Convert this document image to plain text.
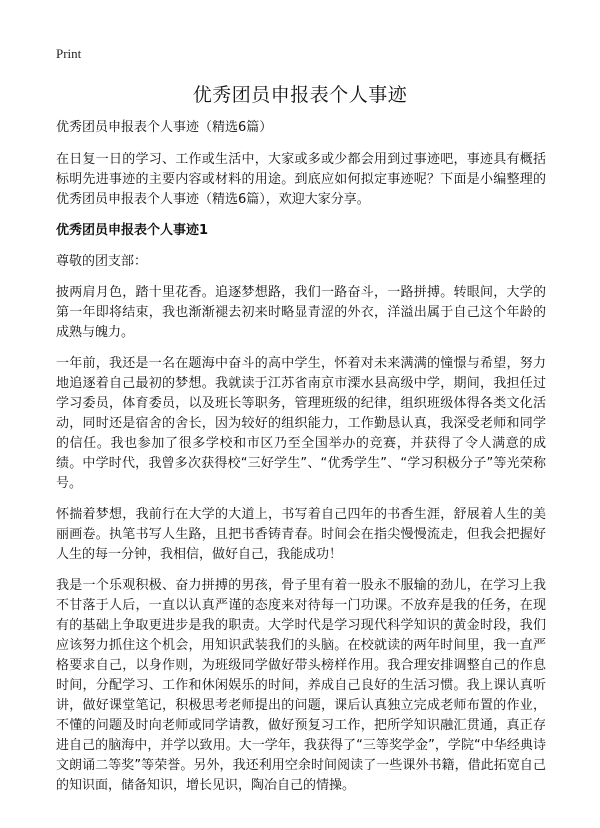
Print
优秀团员申报表个人事迹
优秀团员申报表个人事迹（精选6篇）

在日复一日的学习、工作或生活中，大家或多或少都会用到过事迹吧，事迹具有概括标明先进事迹的主要内容或材料的用途。到底应如何拟定事迹呢？下面是小编整理的优秀团员申报表个人事迹（精选6篇），欢迎大家分享。

优秀团员申报表个人事迹1
尊敬的团支部：

披两肩月色，踏十里花香。追逐梦想路，我们一路奋斗，一路拼搏。转眼间，大学的第一年即将结束，我也渐渐褪去初来时略显青涩的外衣，洋溢出属于自己这个年龄的成熟与魄力。

一年前，我还是一名在题海中奋斗的高中学生，怀着对未来满满的憧憬与希望，努力地追逐着自己最初的梦想。我就读于江苏省南京市溧水县高级中学，期间，我担任过学习委员，体育委员，以及班长等职务，管理班级的纪律，组织班级体得各类文化活动，同时还是宿舍的舍长，因为较好的组织能力，工作勤恳认真，我深受老师和同学的信任。我也参加了很多学校和市区乃至全国举办的竞赛，并获得了令人满意的成绩。中学时代，我曾多次获得校“三好学生”、“优秀学生”、“学习积极分子”等光荣称号。

怀揣着梦想，我前行在大学的大道上，书写着自己四年的书香生涯，舒展着人生的美丽画卷。执笔书写人生路，且把书香铸青春。时间会在指尖慢慢流走，但我会把握好人生的每一分钟，我相信，做好自己，我能成功！

我是一个乐观积极、奋力拼搏的男孩，骨子里有着一股永不服输的劲儿，在学习上我不甘落于人后，一直以认真严谨的态度来对待每一门功课。不放弃是我的任务，在现有的基础上争取更进步是我的职责。大学时代是学习现代科学知识的黄金时段，我们应该努力抓住这个机会，用知识武装我们的头脑。在校就读的两年时间里，我一直严格要求自己，以身作则，为班级同学做好带头榜样作用。我合理安排调整自己的作息时间，分配学习、工作和休闲娱乐的时间，养成自己良好的生活习惯。我上课认真听讲，做好课堂笔记，积极思考老师提出的问题，课后认真独立完成老师布置的作业，不懂的问题及时向老师或同学请教，做好预复习工作，把所学知识融汇贯通，真正存进自己的脑海中，并学以致用。大一学年，我获得了“三等奖学金”，学院“中华经典诗文朗诵二等奖”等荣誉。另外，我还利用空余时间阅读了一些课外书籍，借此拓宽自己的知识面，储备知识，增长见识，陶冶自己的情操。
